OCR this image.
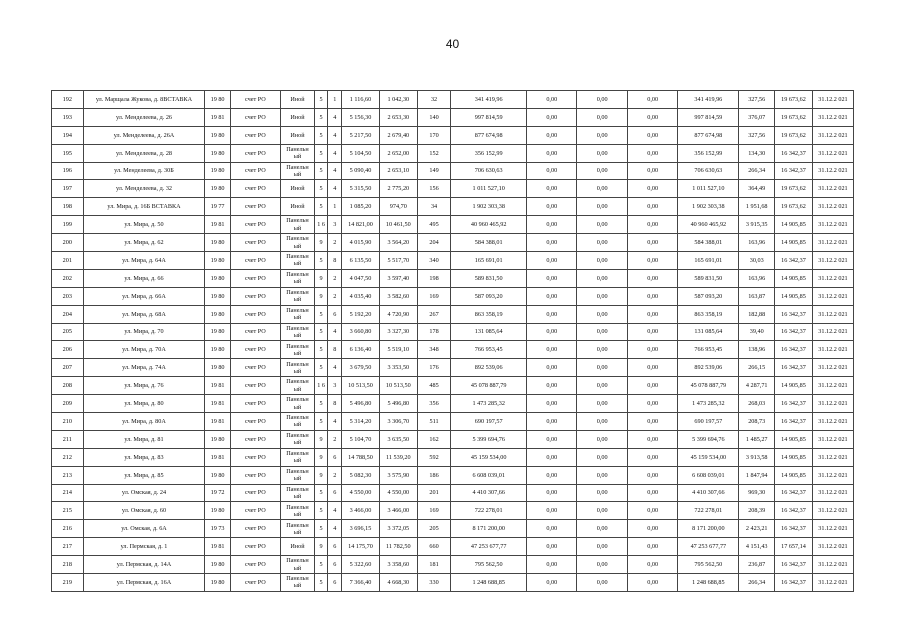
40
192	ул. Марщала Жукова, д. 8ВСТАВКА	19 80	счет РО	Иной	5	1	1 116,60	1 042,30	32	341 419,96	0,00	0,00	0,00	341 419,96	327,56	19 673,62	31.12.2 021
193	ул. Менделеева, д. 26	19 81	счет РО	Иной	5	4	5 156,30	2 653,30	140	997 814,59	0,00	0,00	0,00	997 814,59	376,07	19 673,62	31.12.2 021
194	ул. Менделеева, д. 26А	19 80	счет РО	Иной	5	4	5 217,50	2 679,40	170	877 674,98	0,00	0,00	0,00	877 674,98	327,56	19 673,62	31.12.2 021
195	ул. Менделеева, д. 28	19 80	счет РО	Панельн ый	5	4	5 104,50	2 652,00	152	356 152,99	0,00	0,00	0,00	356 152,99	134,30	16 342,37	31.12.2 021
196	ул. Менделеева, д. 30Б	19 80	счет РО	Панельн ый	5	4	5 090,40	2 653,10	149	706 630,63	0,00	0,00	0,00	706 630,63	266,34	16 342,37	31.12.2 021
197	ул. Менделеева, д. 32	19 80	счет РО	Иной	5	4	5 315,50	2 775,20	156	1 011 527,10	0,00	0,00	0,00	1 011 527,10	364,49	19 673,62	31.12.2 021
198	ул. Мира, д. 16Б ВСТАВКА	19 77	счет РО	Иной	5	1	1 085,20	974,70	34	1 902 303,38	0,00	0,00	0,00	1 902 303,38	1 951,68	19 673,62	31.12.2 021
199	ул. Мира, д. 50	19 81	счет РО	Панельн ый	1 6	3	14 821,00	10 461,50	495	40 960 465,92	0,00	0,00	0,00	40 960 465,92	3 915,35	14 905,85	31.12.2 021
200	ул. Мира, д. 62	19 80	счет РО	Панельн ый	9	2	4 015,90	3 564,20	204	584 388,01	0,00	0,00	0,00	584 388,01	163,96	14 905,85	31.12.2 021
201	ул. Мира, д. 64А	19 80	счет РО	Панельн ый	5	8	6 135,50	5 517,70	340	165 691,01	0,00	0,00	0,00	165 691,01	30,03	16 342,37	31.12.2 021
202	ул. Мира, д. 66	19 80	счет РО	Панельн ый	9	2	4 047,50	3 597,40	198	589 831,50	0,00	0,00	0,00	589 831,50	163,96	14 905,85	31.12.2 021
203	ул. Мира, д. 66А	19 80	счет РО	Панельн ый	9	2	4 035,40	3 582,60	169	587 093,20	0,00	0,00	0,00	587 093,20	163,87	14 905,85	31.12.2 021
204	ул. Мира, д. 68А	19 80	счет РО	Панельн ый	5	6	5 192,20	4 720,90	267	863 358,19	0,00	0,00	0,00	863 358,19	182,88	16 342,37	31.12.2 021
205	ул. Мира, д. 70	19 80	счет РО	Панельн ый	5	4	3 660,80	3 327,30	178	131 085,64	0,00	0,00	0,00	131 085,64	39,40	16 342,37	31.12.2 021
206	ул. Мира, д. 70А	19 80	счет РО	Панельн ый	5	8	6 136,40	5 519,10	348	766 953,45	0,00	0,00	0,00	766 953,45	138,96	16 342,37	31.12.2 021
207	ул. Мира, д. 74А	19 80	счет РО	Панельн ый	5	4	3 679,50	3 353,50	176	892 539,06	0,00	0,00	0,00	892 539,06	266,15	16 342,37	31.12.2 021
208	ул. Мира, д. 76	19 81	счет РО	Панельн ый	1 6	3	10 513,50	10 513,50	485	45 078 887,79	0,00	0,00	0,00	45 078 887,79	4 287,71	14 905,85	31.12.2 021
209	ул. Мира, д. 80	19 81	счет РО	Панельн ый	5	8	5 496,80	5 496,80	356	1 473 285,32	0,00	0,00	0,00	1 473 285,32	268,03	16 342,37	31.12.2 021
210	ул. Мира, д. 80А	19 81	счет РО	Панельн ый	5	4	5 314,20	3 306,70	511	690 197,57	0,00	0,00	0,00	690 197,57	208,73	16 342,37	31.12.2 021
211	ул. Мира, д. 81	19 80	счет РО	Панельн ый	9	2	5 104,70	3 635,50	162	5 399 694,76	0,00	0,00	0,00	5 399 694,76	1 485,27	14 905,85	31.12.2 021
212	ул. Мира, д. 83	19 81	счет РО	Панельн ый	9	6	14 788,50	11 539,20	592	45 159 534,00	0,00	0,00	0,00	45 159 534,00	3 913,58	14 905,85	31.12.2 021
213	ул. Мира, д. 85	19 80	счет РО	Панельн ый	9	2	5 082,30	3 575,90	186	6 608 039,01	0,00	0,00	0,00	6 608 039,01	1 847,94	14 905,85	31.12.2 021
214	ул. Омская, д. 24	19 72	счет РО	Панельн ый	5	6	4 550,00	4 550,00	201	4 410 307,66	0,00	0,00	0,00	4 410 307,66	969,30	16 342,37	31.12.2 021
215	ул. Омская, д. 60	19 80	счет РО	Панельн ый	5	4	3 466,00	3 466,00	169	722 278,01	0,00	0,00	0,00	722 278,01	208,39	16 342,37	31.12.2 021
216	ул. Омская, д. 6А	19 73	счет РО	Панельн ый	5	4	3 696,15	3 372,05	205	8 171 200,00	0,00	0,00	0,00	8 171 200,00	2 423,21	16 342,37	31.12.2 021
217	ул. Пермская, д. 1	19 81	счет РО	Иной	9	6	14 175,70	11 782,50	660	47 253 677,77	0,00	0,00	0,00	47 253 677,77	4 151,43	17 657,14	31.12.2 021
218	ул. Пермская, д. 14А	19 80	счет РО	Панельн ый	5	6	5 322,60	3 358,60	181	795 562,50	0,00	0,00	0,00	795 562,50	236,87	16 342,37	31.12.2 021
219	ул. Пермская, д. 16А	19 80	счет РО	Панельн ый	5	6	7 366,40	4 668,30	330	1 248 688,85	0,00	0,00	0,00	1 248 688,85	266,34	16 342,37	31.12.2 021
